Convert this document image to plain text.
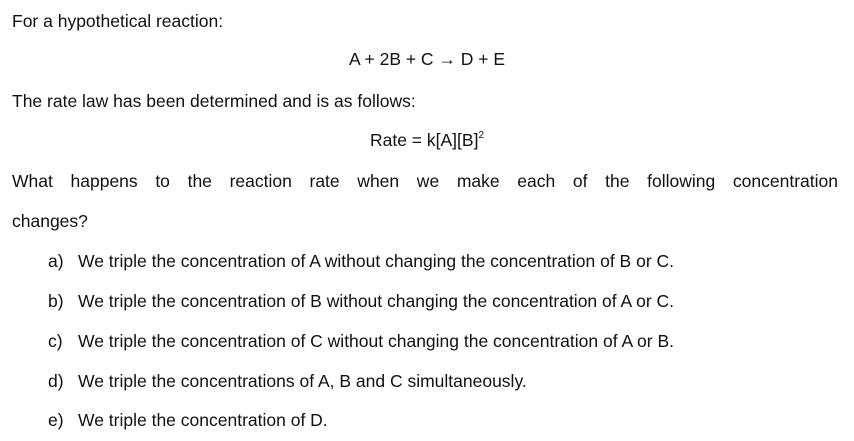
For a hypothetical reaction:
A + 2B + C → D + E
The rate law has been determined and is as follows:
Rate = $k[A][B]^2$
What happens to the reaction rate when we make each of the following concentration
changes?
a) We triple the concentration of A without changing the concentration of B or C.
b) We triple the concentration of B without changing the concentration of A or C.
c) We triple the concentration of C without changing the concentration of A or B.
d) We triple the concentrations of A, B and C simultaneously.
e) We triple the concentration of D.
